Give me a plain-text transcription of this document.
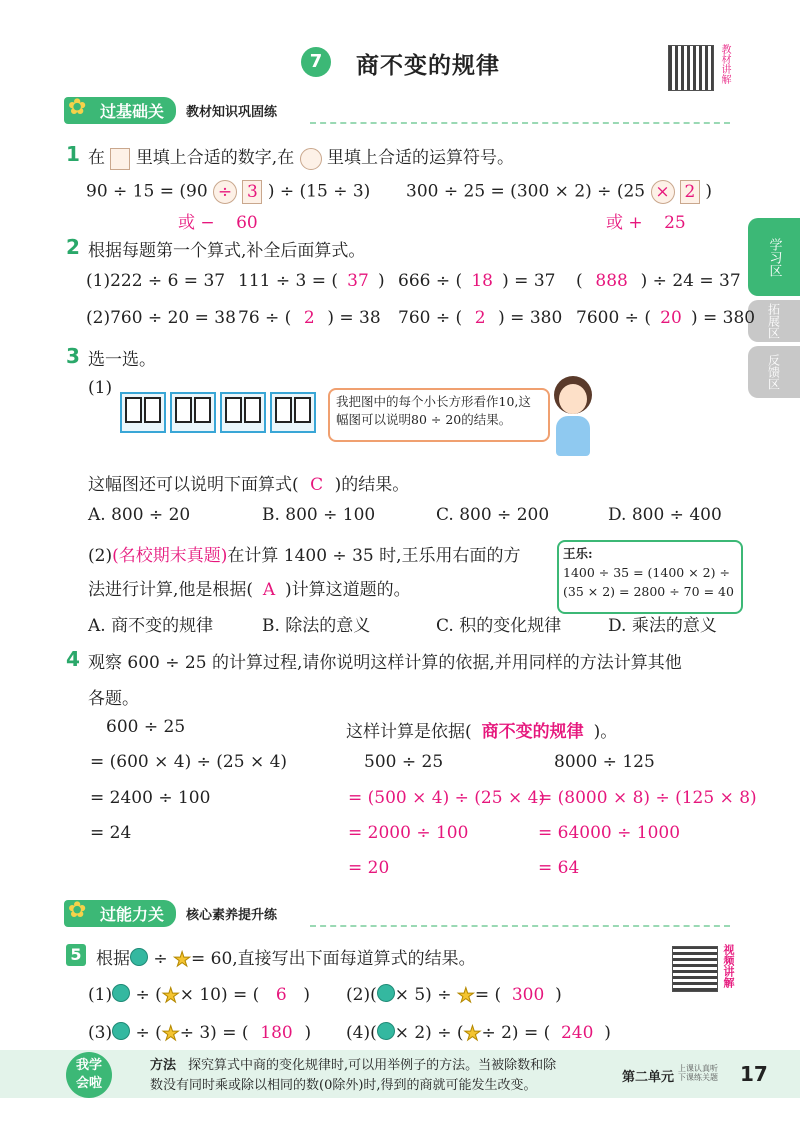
7	商不变的规律	教材讲解
学习区
拓展区
反馈区
✿ 过基础关	教材知识巩固练
1 在 里填上合适的数字,在 里填上合适的运算符号。
90 ÷ 15 = (90 ÷ 3 ) ÷ (15 ÷ 3)
或 − 60
300 ÷ 25 = (300 × 2) ÷ (25 × 2 )
或 + 25
2 根据每题第一个算式,补全后面算式。
(1)222 ÷ 6 = 37 111 ÷ 3 = ( 37 ) 666 ÷ ( 18 ) = 37 ( 888 ) ÷ 24 = 37
(2)760 ÷ 20 = 38 76 ÷ ( 2 ) = 38 760 ÷ ( 2 ) = 380 7600 ÷ ( 20 ) = 380
3 选一选。
(1)
我把图中的每个小长方形看作10,这幅图可以说明80 ÷ 20的结果。
这幅图还可以说明下面算式( C )的结果。
A. 800 ÷ 20	B. 800 ÷ 100	C. 800 ÷ 200	D. 800 ÷ 400
(2)(名校期末真题)在计算 1400 ÷ 35 时,王乐用右面的方
法进行计算,他是根据( A )计算这道题的。
王乐:
1400 ÷ 35 = (1400 × 2) ÷
(35 × 2) = 2800 ÷ 70 = 40
A. 商不变的规律	B. 除法的意义	C. 积的变化规律	D. 乘法的意义
4 观察 600 ÷ 25 的计算过程,请你说明这样计算的依据,并用同样的方法计算其他
各题。
600 ÷ 25
= (600 × 4) ÷ (25 × 4)
= 2400 ÷ 100
= 24
这样计算是依据( 商不变的规律 )。
500 ÷ 25
= (500 × 4) ÷ (25 × 4)
= 2000 ÷ 100
= 20
8000 ÷ 125
= (8000 × 8) ÷ (125 × 8)
= 64000 ÷ 1000
= 64
✿ 过能力关	核心素养提升练
5 根据 ÷ ★= 60,直接写出下面每道算式的结果。	视频讲解
(1) ÷ (★× 10) = ( 6 ) (2)( × 5) ÷ ★= ( 300 )
(3) ÷ (★÷ 3) = ( 180 ) (4)( × 2) ÷ (★÷ 2) = ( 240 )
我学会啦
方法 探究算式中商的变化规律时,可以用举例子的方法。当被除数和除
数没有同时乘或除以相同的数(0除外)时,得到的商就可能发生改变。
第二单元
上课认真听 下课练关题 17
